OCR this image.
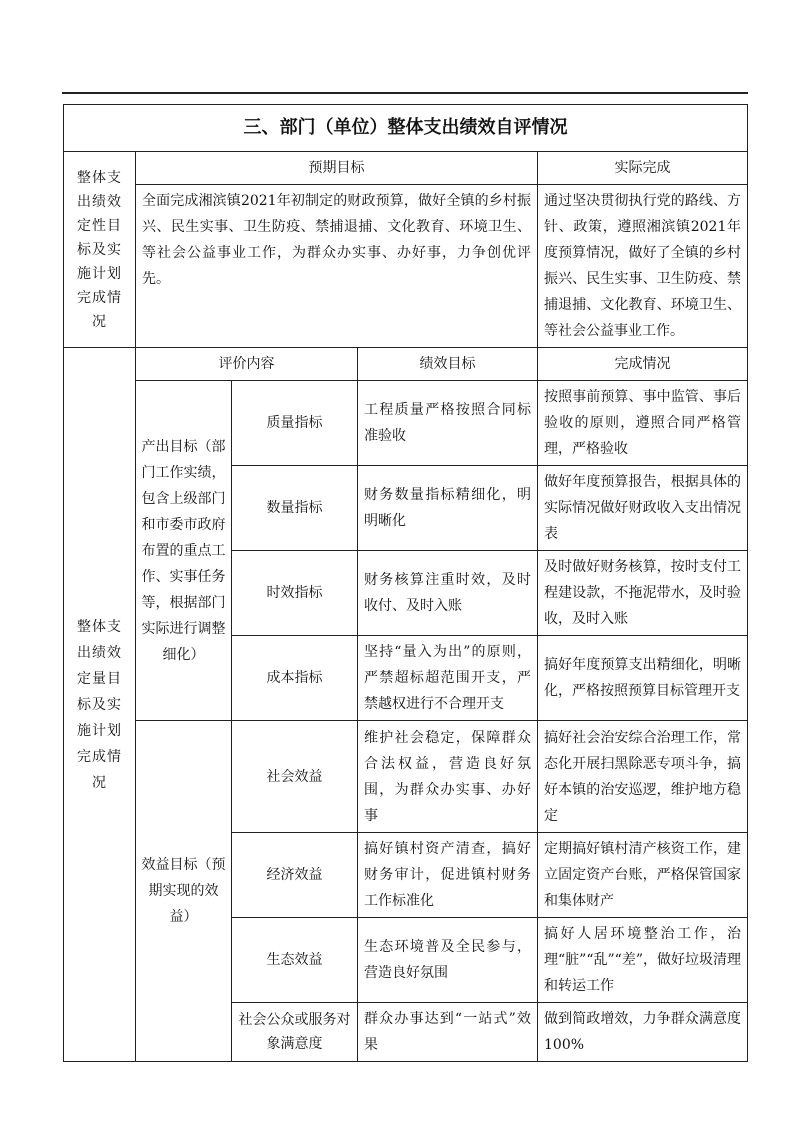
三、部门（单位）整体支出绩效自评情况				
整体支出绩效定性目标及实施计划完成情况	预期目标			实际完成
	全面完成湘滨镇2021年初制定的财政预算，做好全镇的乡村振兴、民生实事、卫生防疫、禁捕退捕、文化教育、环境卫生、等社会公益事业工作，为群众办实事、办好事，力争创优评先。			通过坚决贯彻执行党的路线、方针、政策，遵照湘滨镇2021年度预算情况，做好了全镇的乡村振兴、民生实事、卫生防疫、禁捕退捕、文化教育、环境卫生、等社会公益事业工作。
整体支出绩效定量目标及实施计划完成情况	评价内容		绩效目标	完成情况
	产出目标（部门工作实绩，包含上级部门和市委市政府布置的重点工作、实事任务等，根据部门实际进行调整细化）	质量指标	工程质量严格按照合同标准验收	按照事前预算、事中监管、事后验收的原则，遵照合同严格管理，严格验收
		数量指标	财务数量指标精细化，明明晰化	做好年度预算报告，根据具体的实际情况做好财政收入支出情况表
		时效指标	财务核算注重时效，及时收付、及时入账	及时做好财务核算，按时支付工程建设款，不拖泥带水，及时验收，及时入账
		成本指标	坚持“量入为出”的原则，严禁超标超范围开支，严禁越权进行不合理开支	搞好年度预算支出精细化，明晰化，严格按照预算目标管理开支
	效益目标（预期实现的效益）	社会效益	维护社会稳定，保障群众合法权益，营造良好氛围，为群众办实事、办好事	搞好社会治安综合治理工作，常态化开展扫黑除恶专项斗争，搞好本镇的治安巡逻，维护地方稳定
		经济效益	搞好镇村资产清查，搞好财务审计，促进镇村财务工作标准化	定期搞好镇村清产核资工作，建立固定资产台账，严格保管国家和集体财产
		生态效益	生态环境普及全民参与，营造良好氛围	搞好人居环境整治工作，治理“脏”“乱”“差”，做好垃圾清理和转运工作
		社会公众或服务对象满意度	群众办事达到“一站式”效果	做到简政增效，力争群众满意度100%
